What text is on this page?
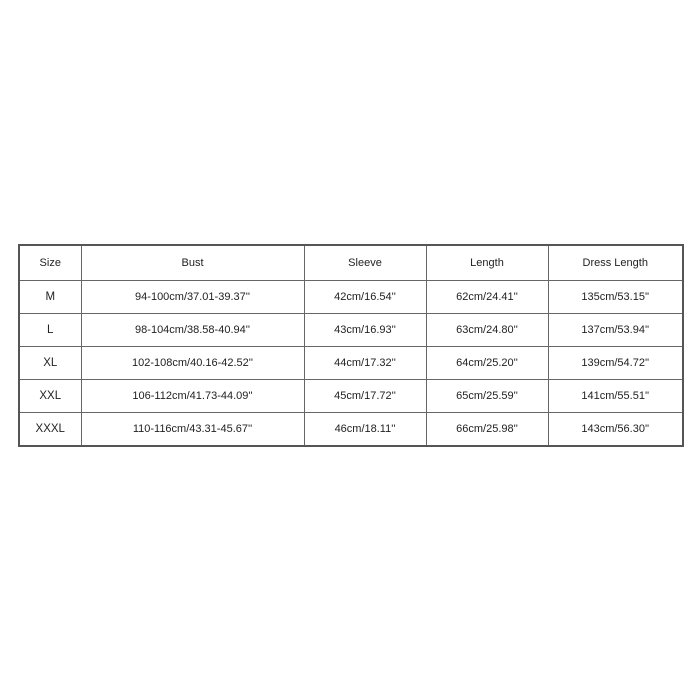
Size	Bust	Sleeve	Length	Dress Length
M	94-100cm/37.01-39.37''	42cm/16.54''	62cm/24.41''	135cm/53.15''
L	98-104cm/38.58-40.94''	43cm/16.93''	63cm/24.80''	137cm/53.94''
XL	102-108cm/40.16-42.52''	44cm/17.32''	64cm/25.20''	139cm/54.72''
XXL	106-112cm/41.73-44.09''	45cm/17.72''	65cm/25.59''	141cm/55.51''
XXXL	110-116cm/43.31-45.67''	46cm/18.11''	66cm/25.98''	143cm/56.30''
